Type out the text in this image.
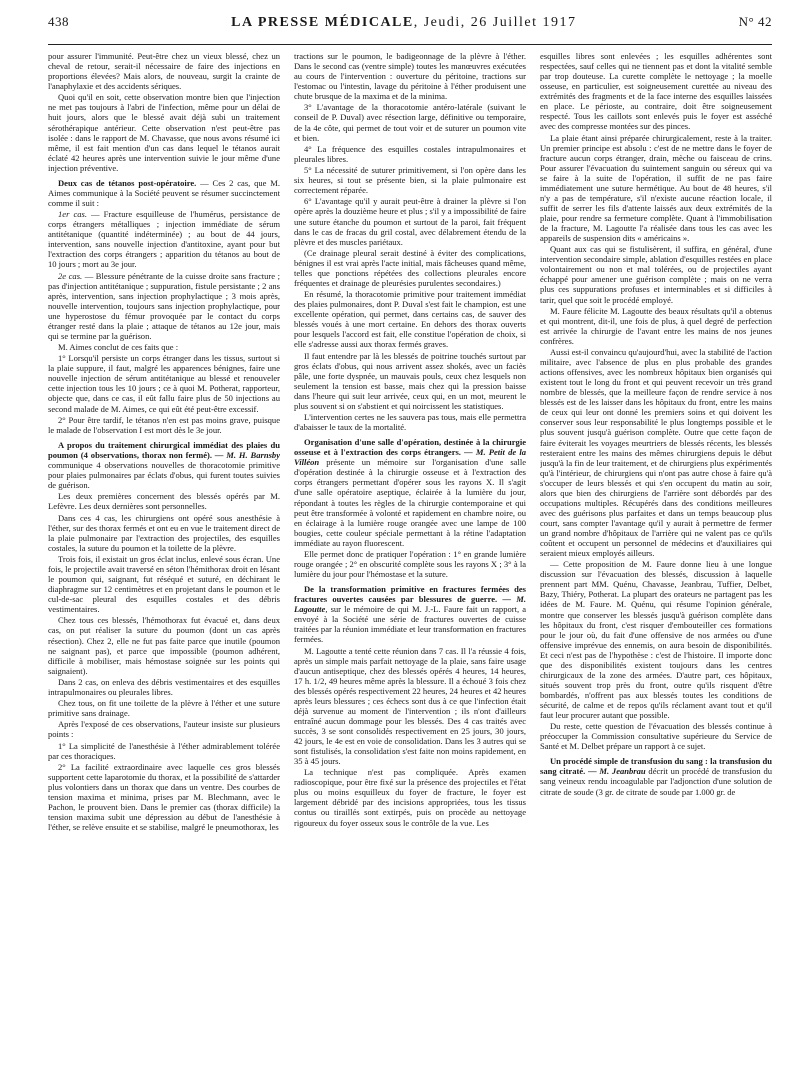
438	LA PRESSE MÉDICALE, Jeudi, 26 Juillet 1917	N° 42

pour assurer l'immunité. Peut-être chez un vieux blessé, chez un cheval de retour, serait-il nécessaire de faire des injections en proportions élevées? Mais alors, de nouveau, surgit la crainte de l'anaphylaxie et des accidents sériques.

Quoi qu'il en soit, cette observation montre bien que l'injection ne met pas toujours à l'abri de l'infection, même pour un délai de huit jours, alors que le blessé avait déjà subi un traitement sérothérapique antérieur. Cette observation n'est peut-être pas isolée : dans le rapport de M. Chavasse, que nous avons résumé ici même, il est fait mention d'un cas dans lequel le tétanos aurait éclaté 42 heures après une intervention suivie le jour même d'une injection préventive.

Deux cas de tétanos post-opératoire. — Ces 2 cas, que M. Aimes communique à la Société peuvent se résumer succinctement comme il suit :

1er cas. — Fracture esquilleuse de l'humérus, persistance de corps étrangers métalliques ; injection immédiate de sérum antitétanique (quantité indéterminée) ; au bout de 44 jours, intervention, sans nouvelle injection d'antitoxine, ayant pour but l'extraction des corps étrangers ; apparition du tétanos au bout de 10 jours ; mort au 3e jour.

2e cas. — Blessure pénétrante de la cuisse droite sans fracture ; pas d'injection antitétanique ; suppuration, fistule persistante ; 2 ans après, intervention, sans injection prophylactique ; 3 mois après, nouvelle intervention, toujours sans injection prophylactique, pour une hyperostose du fémur provoquée par le contact du corps étranger resté dans la plaie ; attaque de tétanos au 12e jour, mais qui se termine par la guérison.

M. Aimes conclut de ces faits que :

1° Lorsqu'il persiste un corps étranger dans les tissus, surtout si la plaie suppure, il faut, malgré les apparences bénignes, faire une nouvelle injection de sérum antitétanique au blessé et renouveler cette injection tous les 10 jours ; ce à quoi M. Potherat, rapporteur, objecte que, dans ce cas, il eût fallu faire plus de 50 injections au second malade de M. Aimes, ce qui eût été peut-être excessif.

2° Pour être tardif, le tétanos n'en est pas moins grave, puisque le malade de l'observation I est mort dès le 3e jour.

A propos du traitement chirurgical immédiat des plaies du poumon (4 observations, thorax non fermé). — M. H. Barnsby communique 4 observations nouvelles de thoracotomie primitive pour plaies pulmonaires par éclats d'obus, qui furent toutes suivies de guérison.

Les deux premières concernent des blessés opérés par M. Lefèvre. Les deux dernières sont personnelles.

Dans ces 4 cas, les chirurgiens ont opéré sous anesthésie à l'éther, sur des thorax fermés et ont eu en vue le traitement direct de la plaie pulmonaire par l'extraction des projectiles, des esquilles costales, la suture du poumon et la toilette de la plèvre.

Trois fois, il existait un gros éclat inclus, enlevé sous écran. Une fois, le projectile avait traversé en séton l'hémithorax droit en lésant le poumon qui, saignant, fut réséqué et suturé, en déchirant le diaphragme sur 12 centimètres et en projetant dans le poumon et le cul-de-sac pleural des esquilles costales et des débris vestimentaires.

Chez tous ces blessés, l'hémothorax fut évacué et, dans deux cas, on put réaliser la suture du poumon (dont un cas après résection). Chez 2, elle ne fut pas faite parce que inutile (poumon ne saignant pas), et parce que impossible (poumon adhérent, difficile à mobiliser, mais hémostase soignée sur les points qui saignaient).

Dans 2 cas, on enleva des débris vestimentaires et des esquilles intrapulmonaires ou pleurales libres.

Chez tous, on fit une toilette de la plèvre à l'éther et une suture primitive sans drainage.

Après l'exposé de ces observations, l'auteur insiste sur plusieurs points :

1° La simplicité de l'anesthésie à l'éther admirablement tolérée par ces thoraciques.

2° La facilité extraordinaire avec laquelle ces gros blessés supportent cette laparotomie du thorax, et la possibilité de s'attarder plus volontiers dans un thorax que dans un ventre. Des courbes de tension maxima et minima, prises par M. Blechmann, avec le Pachon, le prouvent bien. Dans le premier cas (thorax difficile) la tension maxima subit une dépression au début de l'anesthésie à l'éther, se relève ensuite et se stabilise, malgré le pneumothorax, les

tractions sur le poumon, le badigeonnage de la plèvre à l'éther. Dans le second cas (ventre simple) toutes les manœuvres exécutées au cours de l'intervention : ouverture du péritoine, tractions sur l'estomac ou l'intestin, lavage du péritoine à l'éther produisent une chute brusque de la maxima et de la minima.

3° L'avantage de la thoracotomie antéro-latérale (suivant le conseil de P. Duval) avec résection large, définitive ou temporaire, de la 4e côte, qui permet de tout voir et de suturer un poumon vite et bien.

4° La fréquence des esquilles costales intrapulmonaires et pleurales libres.

5° La nécessité de suturer primitivement, si l'on opère dans les six heures, si tout se présente bien, si la plaie pulmonaire est correctement réparée.

6° L'avantage qu'il y aurait peut-être à drainer la plèvre si l'on opère après la douzième heure et plus ; s'il y a impossibilité de faire une suture étanche du poumon et surtout de la paroi, fait fréquent dans le cas de fracas du gril costal, avec délabrement étendu de la plèvre et des muscles pariétaux.

(Ce drainage pleural serait destiné à éviter des complications, bénignes il est vrai après l'acte initial, mais fâcheuses quand même, telles que ponctions répétées des collections pleurales encore fréquentes et drainage de pleurésies purulentes secondaires.)

En résumé, la thoracotomie primitive pour traitement immédiat des plaies pulmonaires, dont P. Duval s'est fait le champion, est une excellente opération, qui permet, dans certains cas, de sauver des blessés voués à une mort certaine. En dehors des thorax ouverts pour lesquels l'accord est fait, elle constitue l'opération de choix, si elle s'adresse aussi aux thorax fermés graves.

Il faut entendre par là les blessés de poitrine touchés surtout par gros éclats d'obus, qui nous arrivent assez shokés, avec un faciès pâle, une forte dyspnée, un mauvais pouls, ceux chez lesquels non seulement la tension est basse, mais chez qui la pression baisse dans l'heure qui suit leur arrivée, ceux qui, en un mot, meurent le plus souvent si on s'abstient et qui noircissent les statistiques.

L'intervention certes ne les sauvera pas tous, mais elle permettra d'abaisser le taux de la mortalité.

Organisation d'une salle d'opération, destinée à la chirurgie osseuse et à l'extraction des corps étrangers. — M. Petit de la Villéon présente un mémoire sur l'organisation d'une salle d'opération destinée à la chirurgie osseuse et à l'extraction des corps étrangers permettant d'opérer sous les rayons X. Il s'agit d'une salle opératoire aseptique, éclairée à la lumière du jour, répondant à toutes les règles de la chirurgie contemporaine et qui peut être transformée à volonté et rapidement en chambre noire, ou en éclairage à la lumière rouge orangée avec une lampe de 100 bougies, cette couleur spéciale permettant à la rétine l'adaptation immédiate au rayon fluorescent.

Elle permet donc de pratiquer l'opération : 1° en grande lumière rouge orangée ; 2° en obscurité complète sous les rayons X ; 3° à la lumière du jour pour l'hémostase et la suture.

De la transformation primitive en fractures fermées des fractures ouvertes causées par blessures de guerre. — M. Lagoutte, sur le mémoire de qui M. J.-L. Faure fait un rapport, a envoyé à la Société une série de fractures ouvertes de cuisse traitées par la réunion immédiate et leur transformation en fractures fermées.

M. Lagoutte a tenté cette réunion dans 7 cas. Il l'a réussie 4 fois, après un simple mais parfait nettoyage de la plaie, sans faire usage d'aucun antiseptique, chez des blessés opérés 4 heures, 14 heures, 17 h. 1/2, 49 heures même après la blessure. Il a échoué 3 fois chez des blessés opérés respectivement 22 heures, 24 heures et 42 heures après leurs blessures ; ces échecs sont dus à ce que l'infection était déjà survenue au moment de l'intervention ; ils n'ont d'ailleurs entraîné aucun dommage pour les blessés. Des 4 cas traités avec succès, 3 se sont consolidés respectivement en 25 jours, 30 jours, 42 jours, le 4e est en voie de consolidation. Dans les 3 autres qui se sont fistulisés, la consolidation s'est faite non moins rapidement, en 35 à 45 jours.

La technique n'est pas compliquée. Après examen radioscopique, pour être fixé sur la présence des projectiles et l'état plus ou moins esquilleux du foyer de fracture, le foyer est largement débridé par des incisions appropriées, tous les tissus contus ou tiraillés sont extirpés, puis on procède au nettoyage rigoureux du foyer osseux sous le contrôle de la vue. Les

esquilles libres sont enlevées ; les esquilles adhérentes sont respectées, sauf celles qui ne tiennent pas et dont la vitalité semble par trop douteuse. La curette complète le nettoyage ; la moelle osseuse, en particulier, est soigneusement curettée au niveau des extrémités des fragments et de la face interne des esquilles laissées en place. Le périoste, au contraire, doit être soigneusement respecté. Tous les caillots sont enlevés puis le foyer est asséché avec des compresse montées sur des pinces.

La plaie étant ainsi préparée chirurgicalement, reste à la traiter. Un premier principe est absolu : c'est de ne mettre dans le foyer de fracture aucun corps étranger, drain, mèche ou faisceau de crins. Pour assurer l'évacuation du suintement sanguin ou séreux qui va se faire à la suite de l'opération, il suffit de ne pas faire immédiatement une suture hermétique. Au bout de 48 heures, s'il n'y a pas de température, s'il n'existe aucune réaction locale, il suffit de serrer les fils d'attente laissés aux deux extrémités de la plaie, pour rendre sa fermeture complète. Quant à l'immobilisation de la fracture, M. Lagoutte l'a réalisée dans tous les cas avec les appareils de suspension dits « américains ».

Quant aux cas qui se fistulisèrent, il suffira, en général, d'une intervention secondaire simple, ablation d'esquilles restées en place volontairement ou non et mal tolérées, ou de projectiles ayant échappé pour amener une guérison complète ; mais on ne verra plus ces suppurations profuses et interminables et si difficiles à tarir, quel que soit le procédé employé.

M. Faure félicite M. Lagoutte des beaux résultats qu'il a obtenus et qui montrent, dit-il, une fois de plus, à quel degré de perfection est arrivée la chirurgie de l'avant entre les mains de nos jeunes confrères.

Aussi est-il convaincu qu'aujourd'hui, avec la stabilité de l'action militaire, avec l'absence de plus en plus probable des grandes actions offensives, avec les nombreux hôpitaux bien organisés qui existent tout le long du front et qui peuvent recevoir un très grand nombre de blessés, que la meilleure façon de rendre service à nos blessés est de les laisser dans les hôpitaux du front, entre les mains de ceux qui leur ont donné les premiers soins et qui doivent les conserver sous leur responsabilité le plus longtemps possible et le plus souvent jusqu'à guérison complète. Outre que cette façon de faire éviterait les voyages meurtriers de blessés récents, les blessés resteraient entre les mains des mêmes chirurgiens depuis le début jusqu'à la fin de leur traitement, et de chirurgiens plus expérimentés qu'à l'intérieur, de chirurgiens qui n'ont pas autre chose à faire qu'à s'occuper de leurs blessés et qui s'en occupent du matin au soir, alors que bien des chirurgiens de l'arrière sont débordés par des occupations multiples. Récupérés dans des conditions meilleures avec des guérisons plus parfaites et dans un temps beaucoup plus court, sans compter l'avantage qu'il y aurait à permettre de fermer un grand nombre d'hôpitaux de l'arrière qui ne valent pas ce qu'ils coûtent et occupent un personnel de médecins et d'auxiliaires qui seraient mieux employés ailleurs.

— Cette proposition de M. Faure donne lieu à une longue discussion sur l'évacuation des blessés, discussion à laquelle prennent part MM. Quénu, Chavasse, Jeanbrau, Tuffier, Delbet, Bazy, Thiéry, Potherat. La plupart des orateurs ne partagent pas les idées de M. Faure. M. Quénu, qui résume l'opinion générale, montre que conserver les blessés jusqu'à guérison complète dans les hôpitaux du front, c'est risquer d'embouteiller ces formations pour le jour où, du fait d'une offensive de nos armées ou d'une offensive imprévue des ennemis, on aura besoin de disponibilités. Et ceci n'est pas de l'hypothèse : c'est de l'histoire. Il importe donc que des disponibilités existent toujours dans les centres chirurgicaux de la zone des armées. D'autre part, ces hôpitaux, situés souvent trop près du front, outre qu'ils risquent d'être bombardés, n'offrent pas aux blessés toutes les conditions de sécurité, de calme et de repos qu'ils réclament avant tout et qu'il faut leur procurer autant que possible.

Du reste, cette question de l'évacuation des blessés continue à préoccuper la Commission consultative supérieure du Service de Santé et M. Delbet prépare un rapport à ce sujet.

Un procédé simple de transfusion du sang : la transfusion du sang citraté. — M. Jeanbrau décrit un procédé de transfusion du sang veineux rendu incoagulable par l'adjonction d'une solution de citrate de soude (3 gr. de citrate de soude par 1.000 gr. de
